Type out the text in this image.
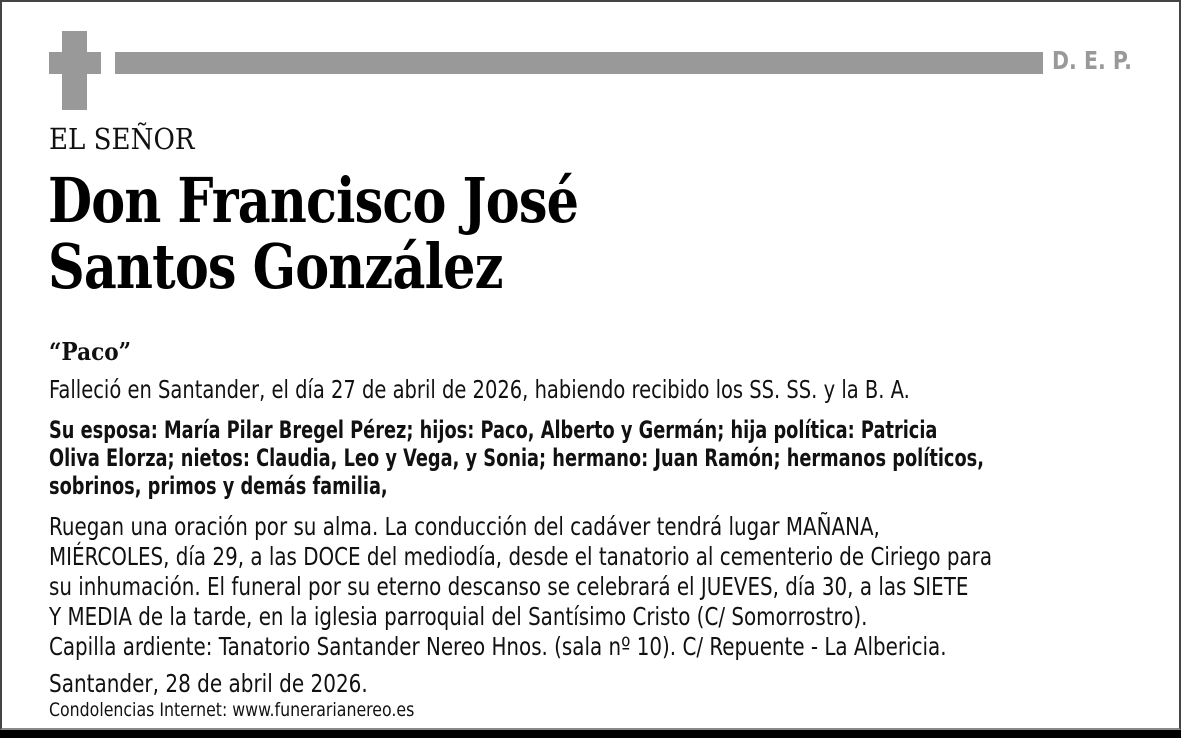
D. E. P.
EL SEÑOR
Don Francisco José
Santos González
“Paco”
Falleció en Santander, el día 27 de abril de 2026, habiendo recibido los SS. SS. y la B. A.
Su esposa: María Pilar Bregel Pérez; hijos: Paco, Alberto y Germán; hija política: Patricia
Oliva Elorza; nietos: Claudia, Leo y Vega, y Sonia; hermano: Juan Ramón; hermanos políticos,
sobrinos, primos y demás familia,
Ruegan una oración por su alma. La conducción del cadáver tendrá lugar MAÑANA,
MIÉRCOLES, día 29, a las DOCE del mediodía, desde el tanatorio al cementerio de Ciriego para
su inhumación. El funeral por su eterno descanso se celebrará el JUEVES, día 30, a las SIETE
Y MEDIA de la tarde, en la iglesia parroquial del Santísimo Cristo (C/ Somorrostro).
Capilla ardiente: Tanatorio Santander Nereo Hnos. (sala nº 10). C/ Repuente - La Albericia.
Santander, 28 de abril de 2026.
Condolencias Internet: www.funerarianereo.es
